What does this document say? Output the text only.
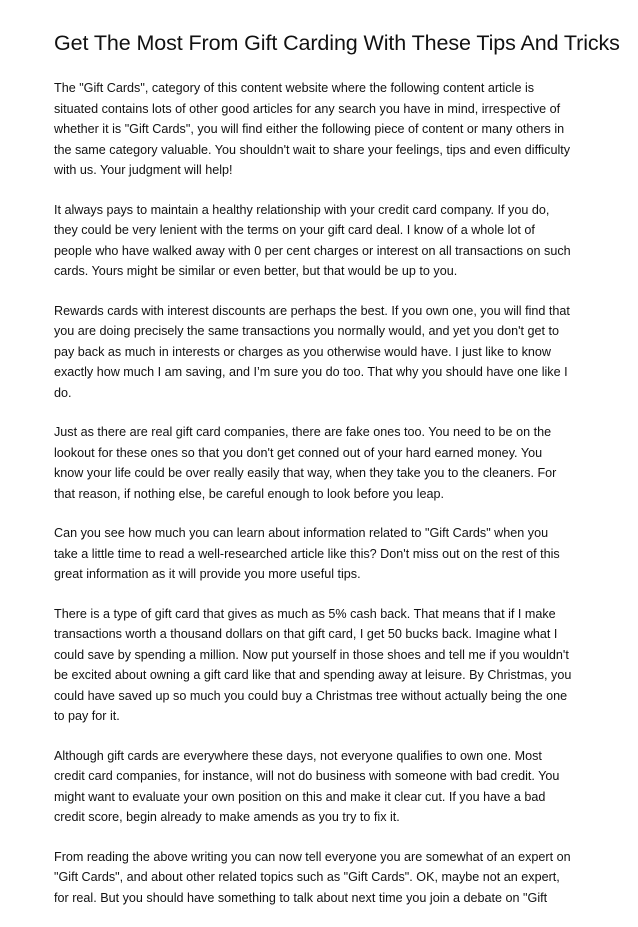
Get The Most From Gift Carding With These Tips And Tricks
The "Gift Cards", category of this content website where the following content article is
situated contains lots of other good articles for any search you have in mind, irrespective of
whether it is "Gift Cards", you will find either the following piece of content or many others in
the same category valuable. You shouldn't wait to share your feelings, tips and even difficulty
with us. Your judgment will help!
It always pays to maintain a healthy relationship with your credit card company. If you do,
they could be very lenient with the terms on your gift card deal. I know of a whole lot of
people who have walked away with 0 per cent charges or interest on all transactions on such
cards. Yours might be similar or even better, but that would be up to you.
Rewards cards with interest discounts are perhaps the best. If you own one, you will find that
you are doing precisely the same transactions you normally would, and yet you don't get to
pay back as much in interests or charges as you otherwise would have. I just like to know
exactly how much I am saving, and I’m sure you do too. That why you should have one like I
do.
Just as there are real gift card companies, there are fake ones too. You need to be on the
lookout for these ones so that you don't get conned out of your hard earned money. You
know your life could be over really easily that way, when they take you to the cleaners. For
that reason, if nothing else, be careful enough to look before you leap.
Can you see how much you can learn about information related to "Gift Cards" when you
take a little time to read a well-researched article like this? Don't miss out on the rest of this
great information as it will provide you more useful tips.
There is a type of gift card that gives as much as 5% cash back. That means that if I make
transactions worth a thousand dollars on that gift card, I get 50 bucks back. Imagine what I
could save by spending a million. Now put yourself in those shoes and tell me if you wouldn't
be excited about owning a gift card like that and spending away at leisure. By Christmas, you
could have saved up so much you could buy a Christmas tree without actually being the one
to pay for it.
Although gift cards are everywhere these days, not everyone qualifies to own one. Most
credit card companies, for instance, will not do business with someone with bad credit. You
might want to evaluate your own position on this and make it clear cut. If you have a bad
credit score, begin already to make amends as you try to fix it.
From reading the above writing you can now tell everyone you are somewhat of an expert on
"Gift Cards", and about other related topics such as "Gift Cards". OK, maybe not an expert,
for real. But you should have something to talk about next time you join a debate on "Gift
